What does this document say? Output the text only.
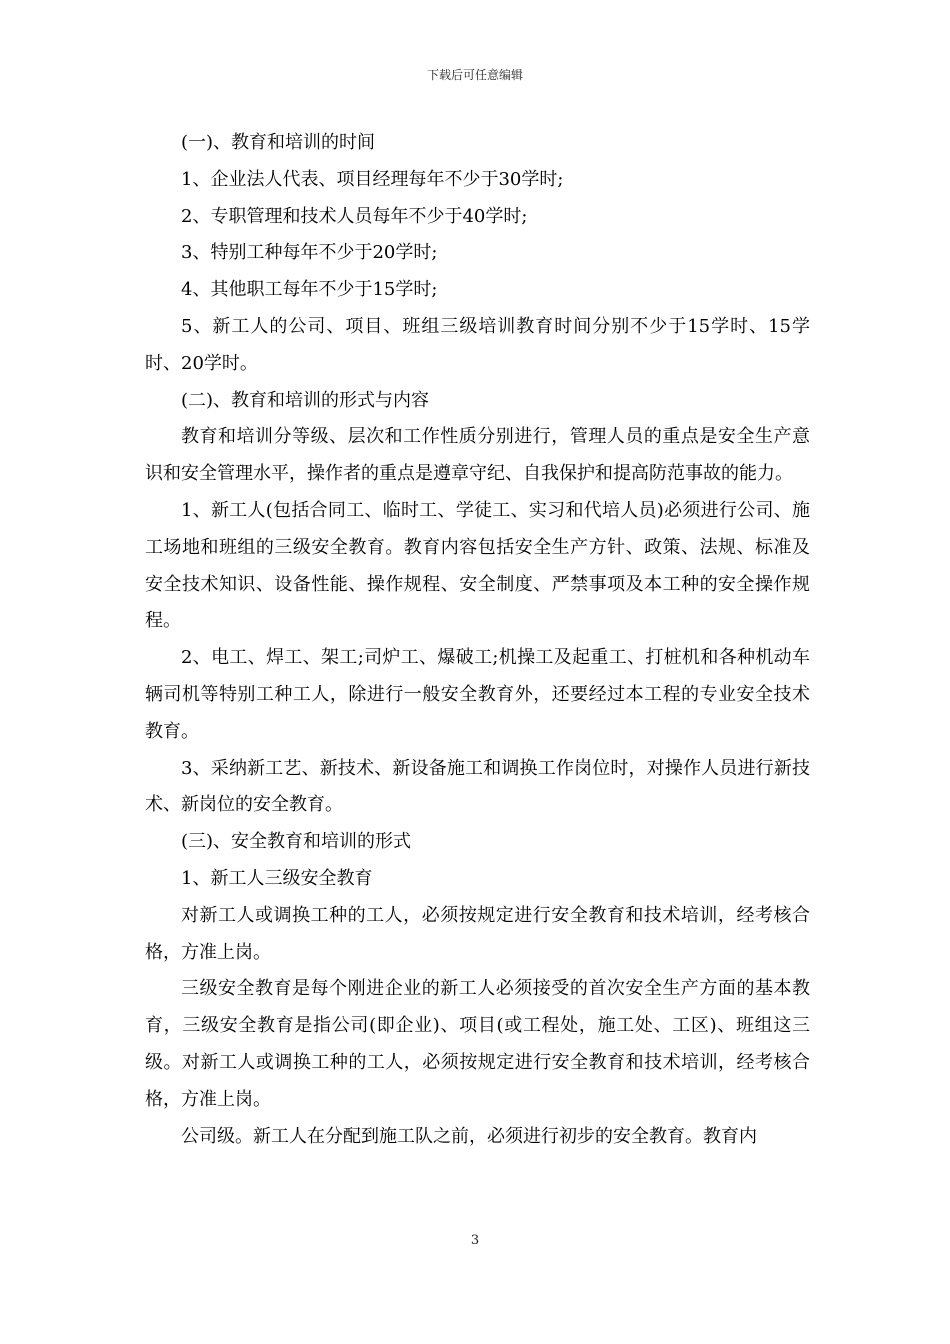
下载后可任意编辑

(一)、教育和培训的时间

1、企业法人代表、项目经理每年不少于30学时;

2、专职管理和技术人员每年不少于40学时;

3、特别工种每年不少于20学时;

4、其他职工每年不少于15学时;

5、新工人的公司、项目、班组三级培训教育时间分别不少于15学时、15学时、20学时。

(二)、教育和培训的形式与内容

教育和培训分等级、层次和工作性质分别进行，管理人员的重点是安全生产意识和安全管理水平，操作者的重点是遵章守纪、自我保护和提高防范事故的能力。

1、新工人(包括合同工、临时工、学徒工、实习和代培人员)必须进行公司、施工场地和班组的三级安全教育。教育内容包括安全生产方针、政策、法规、标准及安全技术知识、设备性能、操作规程、安全制度、严禁事项及本工种的安全操作规程。

2、电工、焊工、架工;司炉工、爆破工;机操工及起重工、打桩机和各种机动车辆司机等特别工种工人，除进行一般安全教育外，还要经过本工程的专业安全技术教育。

3、采纳新工艺、新技术、新设备施工和调换工作岗位时，对操作人员进行新技术、新岗位的安全教育。

(三)、安全教育和培训的形式

1、新工人三级安全教育

对新工人或调换工种的工人，必须按规定进行安全教育和技术培训，经考核合格，方准上岗。

三级安全教育是每个刚进企业的新工人必须接受的首次安全生产方面的基本教育，三级安全教育是指公司(即企业)、项目(或工程处，施工处、工区)、班组这三级。对新工人或调换工种的工人，必须按规定进行安全教育和技术培训，经考核合格，方准上岗。

公司级。新工人在分配到施工队之前，必须进行初步的安全教育。教育内

3
